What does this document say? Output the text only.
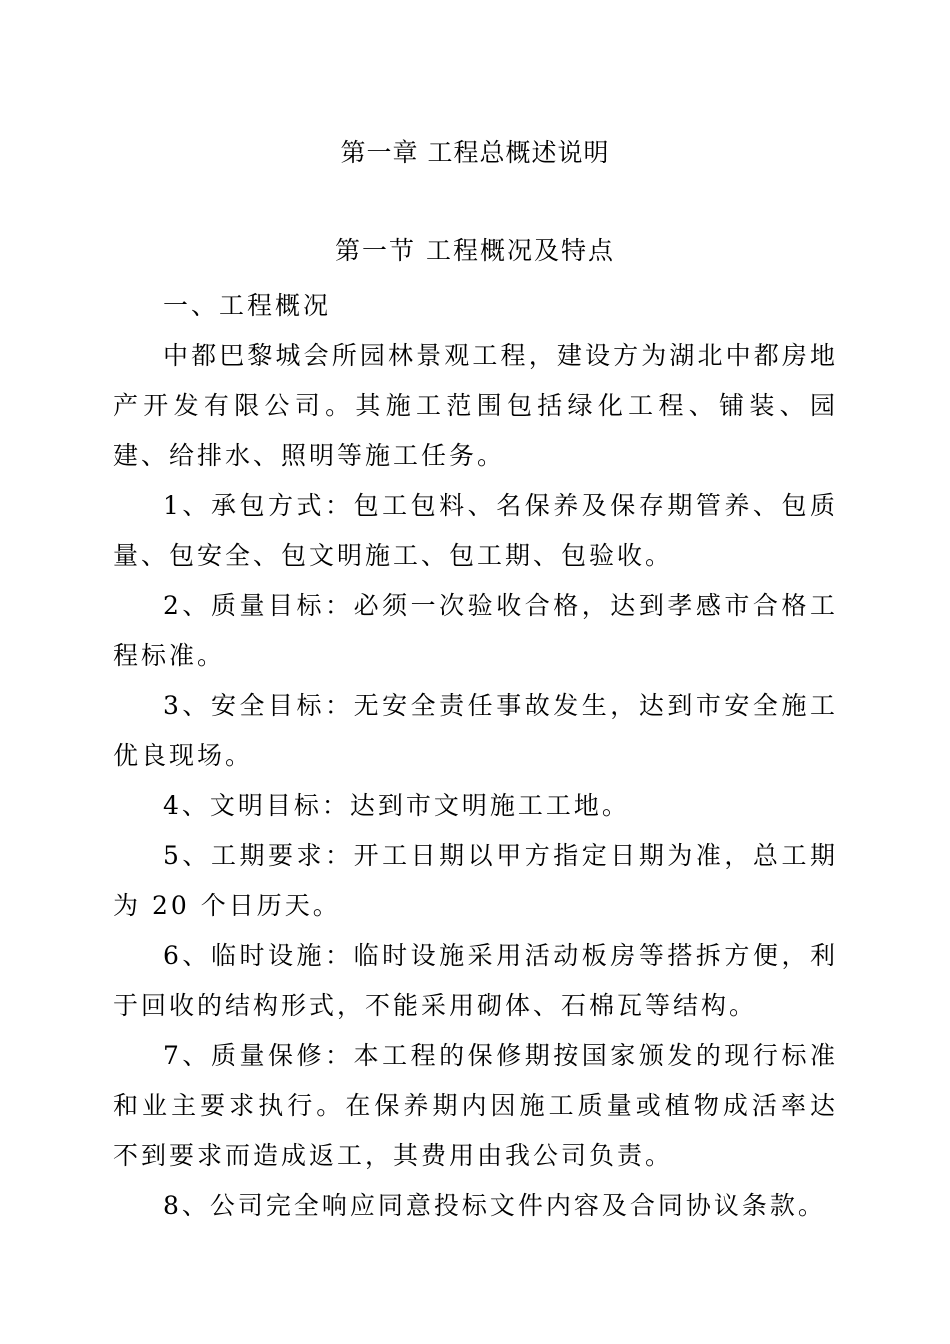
第一章 工程总概述说明
第一节 工程概况及特点

一、工程概况

中都巴黎城会所园林景观工程，建设方为湖北中都房地产开发有限公司。其施工范围包括绿化工程、铺装、园建、给排水、照明等施工任务。

1、承包方式：包工包料、名保养及保存期管养、包质量、包安全、包文明施工、包工期、包验收。

2、质量目标：必须一次验收合格，达到孝感市合格工程标准。

3、安全目标：无安全责任事故发生，达到市安全施工优良现场。

4、文明目标：达到市文明施工工地。

5、工期要求：开工日期以甲方指定日期为准，总工期为 20 个日历天。

6、临时设施：临时设施采用活动板房等搭拆方便，利于回收的结构形式，不能采用砌体、石棉瓦等结构。

7、质量保修：本工程的保修期按国家颁发的现行标准和业主要求执行。在保养期内因施工质量或植物成活率达不到要求而造成返工，其费用由我公司负责。

8、公司完全响应同意投标文件内容及合同协议条款。
